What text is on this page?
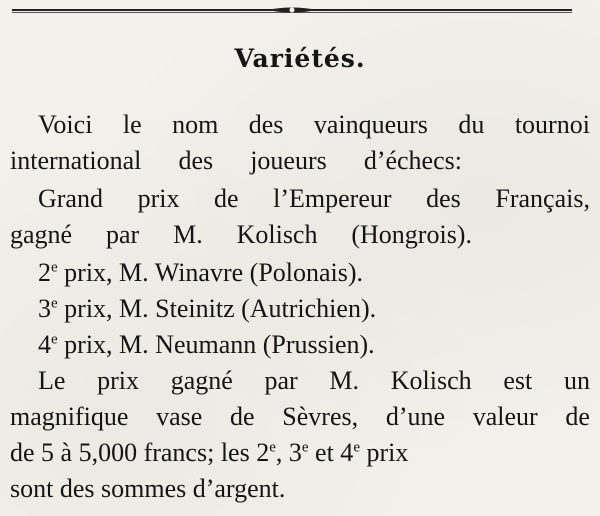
Variétés.
Voici le nom des vainqueurs du tournoi
international des joueurs d’échecs:
Grand prix de l’Empereur des Français,
gagné par M. Kolisch (Hongrois).
2e prix, M. Winavre (Polonais).
3e prix, M. Steinitz (Autrichien).
4e prix, M. Neumann (Prussien).
Le prix gagné par M. Kolisch est un
magnifique vase de Sèvres, d’une valeur de
de 5 à 5,000 francs; les 2e, 3e et 4e prix
sont des sommes d’argent.
